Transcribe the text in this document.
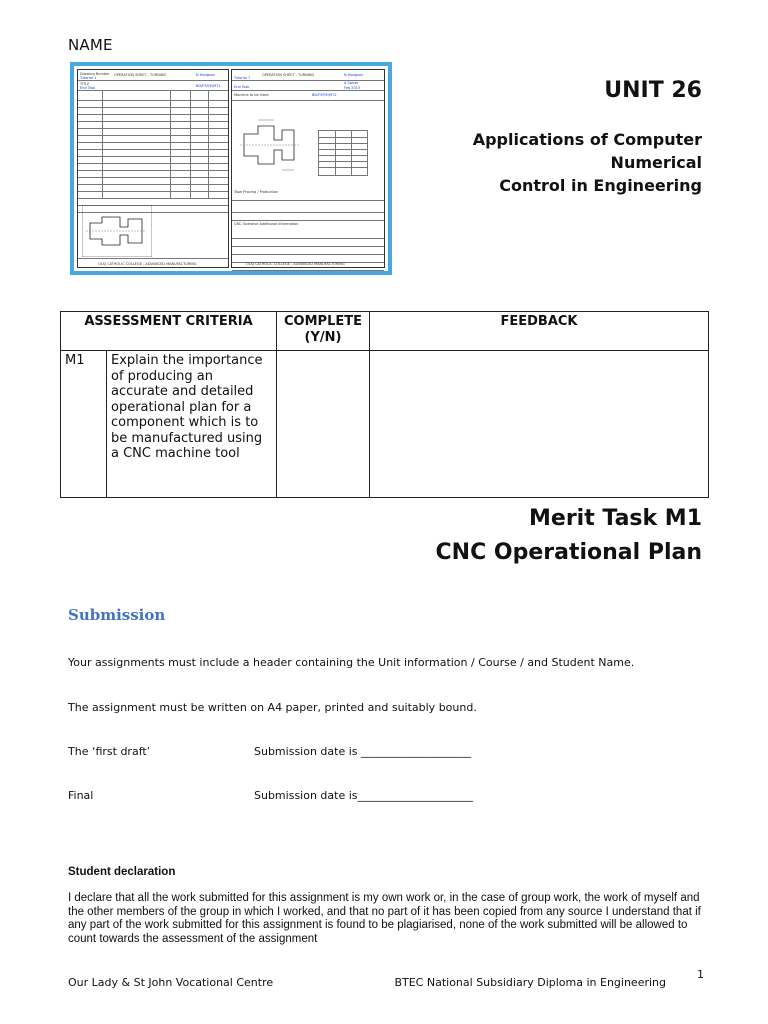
NAME
UNIT 26
Applications of Computer
Numerical
Control in Engineering
Drawing Number
Tutorial 1
OPERATION SHEET - TURNING	N Hodgson
TITLE
End Task	BD/FSP/E/M72
OLSJ CATHOLIC COLLEGE - ADVANCED MANUFACTURING
Tutorial 7
OPERATION SHEET - TURNING	N Hodgson
A Spicer
Feb 2013
End Task
Machine to be Used	BD/FSP/E/M72
Tape Proving / Production
CNC Operator Additional Information
OLSJ CATHOLIC COLLEGE - ADVANCED MANUFACTURING
ASSESSMENT CRITERIA		COMPLETE (Y/N)	FEEDBACK
M1	Explain the importance of producing an accurate and detailed operational plan for a component which is to be manufactured using a CNC machine tool		
Merit Task M1
CNC Operational Plan
Submission
Your assignments must include a header containing the Unit information / Course / and Student Name.
The assignment must be written on A4 paper, printed and suitably bound.
The ‘first draft’	Submission date is ____________________
Final	Submission date is_____________________
Student declaration
I declare that all the work submitted for this assignment is my own work or, in the case of group work, the work of myself and the other members of the group in which I worked, and that no part of it has been copied from any source I understand that if any part of the work submitted for this assignment is found to be plagiarised, none of the work submitted will be allowed to count towards the assessment of the assignment
Our Lady & St John Vocational Centre	BTEC National Subsidiary Diploma in Engineering
1
